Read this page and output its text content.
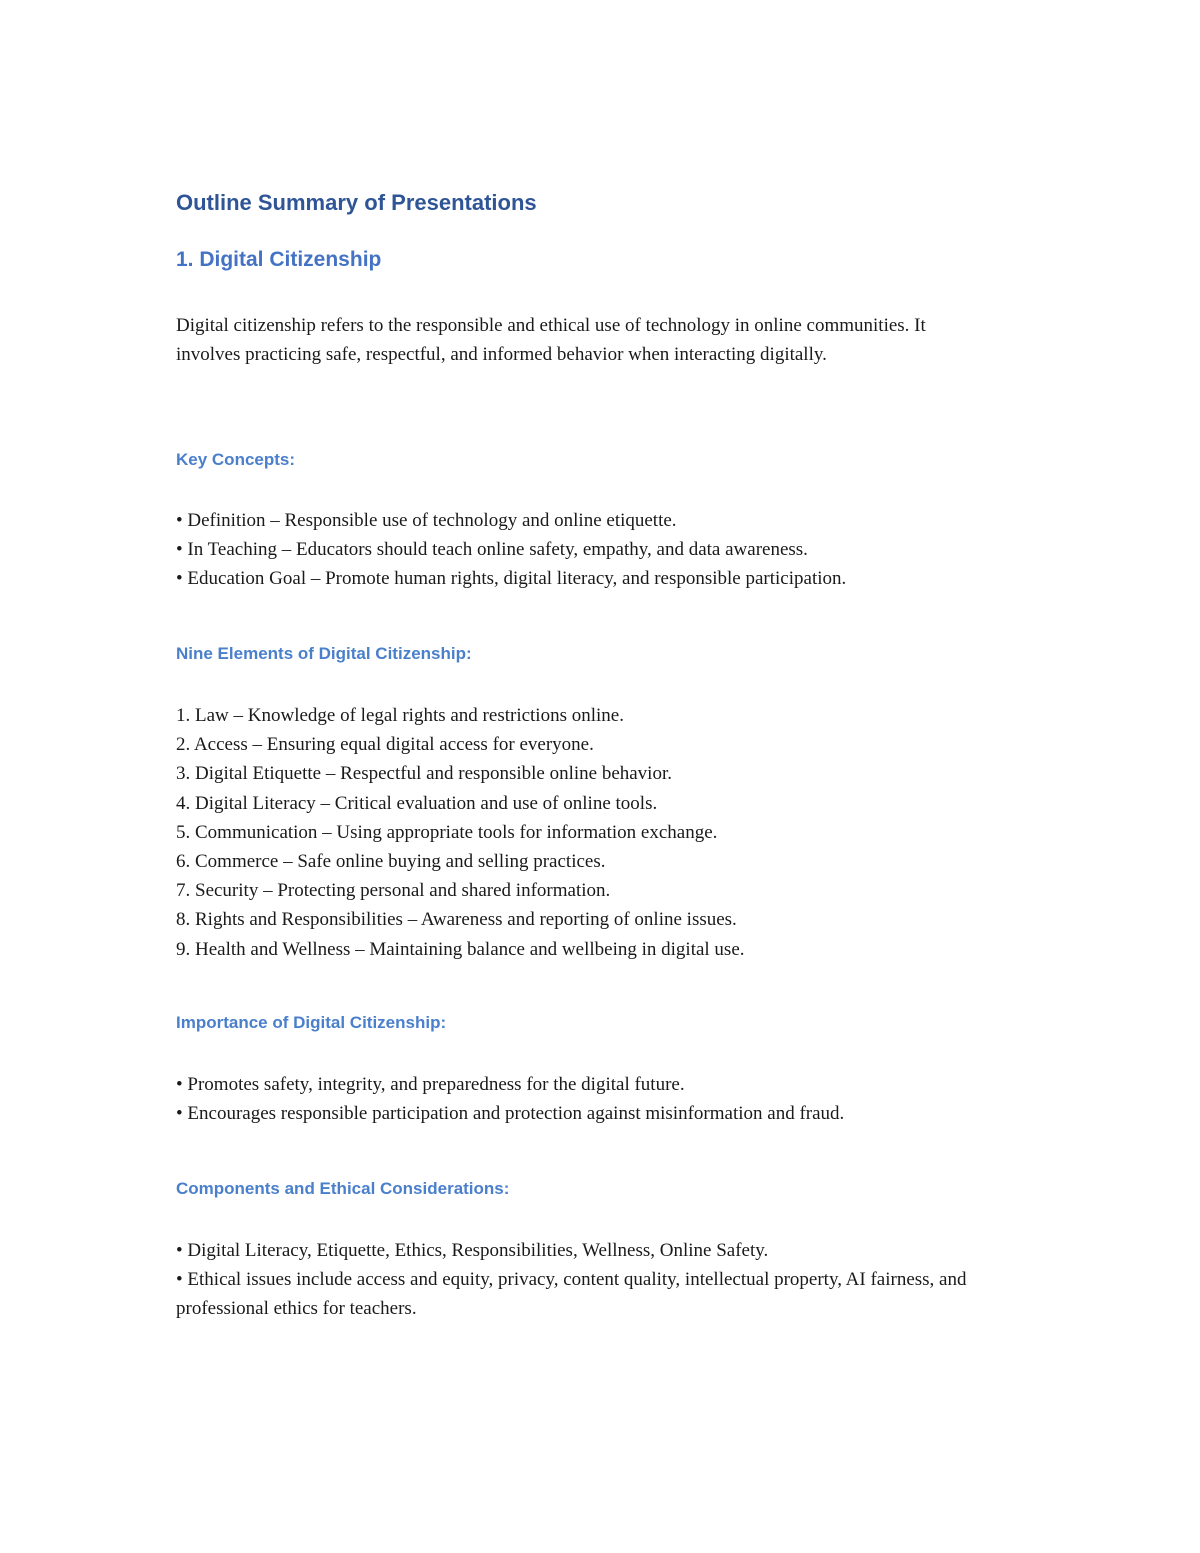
Outline Summary of Presentations
1. Digital Citizenship

Digital citizenship refers to the responsible and ethical use of technology in online communities. It involves practicing safe, respectful, and informed behavior when interacting digitally.

Key Concepts:
• Definition – Responsible use of technology and online etiquette.
• In Teaching – Educators should teach online safety, empathy, and data awareness.
• Education Goal – Promote human rights, digital literacy, and responsible participation.
Nine Elements of Digital Citizenship:
1. Law – Knowledge of legal rights and restrictions online.
2. Access – Ensuring equal digital access for everyone.
3. Digital Etiquette – Respectful and responsible online behavior.
4. Digital Literacy – Critical evaluation and use of online tools.
5. Communication – Using appropriate tools for information exchange.
6. Commerce – Safe online buying and selling practices.
7. Security – Protecting personal and shared information.
8. Rights and Responsibilities – Awareness and reporting of online issues.
9. Health and Wellness – Maintaining balance and wellbeing in digital use.
Importance of Digital Citizenship:
• Promotes safety, integrity, and preparedness for the digital future.
• Encourages responsible participation and protection against misinformation and fraud.
Components and Ethical Considerations:
• Digital Literacy, Etiquette, Ethics, Responsibilities, Wellness, Online Safety.
• Ethical issues include access and equity, privacy, content quality, intellectual property, AI fairness, and professional ethics for teachers.
